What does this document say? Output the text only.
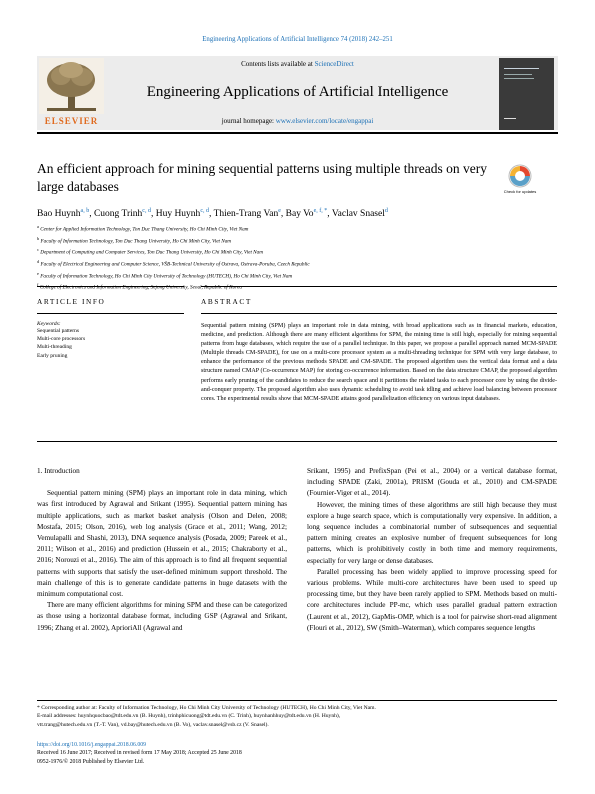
Engineering Applications of Artificial Intelligence 74 (2018) 242–251
ELSEVIER
Contents lists available at ScienceDirect
Engineering Applications of Artificial Intelligence
journal homepage: www.elsevier.com/locate/engappai
An efficient approach for mining sequential patterns using multiple threads on very large databases	Check for updates
Bao Huynh$^{a, b}$, Cuong Trinh$^{c, d}$, Huy Huynh$^{c, d}$, Thien-Trang Van$^e$, Bay $Vo^{e, f, *}$, Vaclav Snasel$^d$
$^a$ Center for Applied Information Technology, Ton Duc Thang University, Ho Chi Minh City, Viet Nam
$^b$ Faculty of Information Technology, Ton Duc Thang University, Ho Chi Minh City, Viet Nam
$^c$ Department of Computing and Computer Services, Ton Duc Thang University, Ho Chi Minh City, Viet Nam
$^d$ Faculty of Electrical Engineering and Computer Science, VŠB-Technical University of Ostrava, Ostrava-Poruba, Czech Republic
$^e$ Faculty of Information Technology, Ho Chi Minh City University of Technology (HUTECH), Ho Chi Minh City, Viet Nam
$^f$ College of Electronics and Information Engineering, Sejong University, Seoul, Republic of Korea
ARTICLE INFO	ABSTRACT
Keywords:
Sequential patterns
Multi-core processors
Multi-threading
Early pruning
Sequential pattern mining (SPM) plays an important role in data mining, with broad applications such as in financial markets, education, medicine, and prediction. Although there are many efficient algorithms for SPM, the mining time is still high, especially for mining sequential patterns from huge databases, which require the use of a parallel technique. In this paper, we propose a parallel approach named MCM-SPADE (Multiple threads CM-SPADE), for use on a multi-core processor system as a multi-threading technique for SPM with very large database, to enhance the performance of the previous methods SPADE and CM-SPADE. The proposed algorithm uses the vertical data format and a data structure named CMAP (Co-occurrence MAP) for storing co-occurrence information. Based on the data structure CMAP, the proposed algorithm performs early pruning of the candidates to reduce the search space and it partitions the related tasks to each processor core by using the divide-and-conquer property. The proposed algorithm also uses dynamic scheduling to avoid task idling and achieve load balancing between processor cores. The experimental results show that MCM-SPADE attains good parallelization efficiency on various input databases.

1. Introduction

Sequential pattern mining (SPM) plays an important role in data mining, which was first introduced by Agrawal and Srikant (1995). Sequential pattern mining has multiple applications, such as market basket analysis (Olson and Delen, 2008; Mostafa, 2015; Olson, 2016), web log analysis (Grace et al., 2011; Wang, 2012; Vemulapalli and Shashi, 2013), DNA sequence analysis (Posada, 2009; Pareek et al., 2011; Wilson et al., 2016) and prediction (Hussein et al., 2015; Chakraborty et al., 2016; Norouzi et al., 2016). The aim of this approach is to find all frequent sequential patterns with supports that satisfy the user-defined minimum support threshold. The main challenge of this is to generate candidate patterns in huge datasets with the minimum computational cost.

There are many efficient algorithms for mining SPM and these can be categorized as those using a horizontal database format, including GSP (Agrawal and Srikant, 1996; Zhang et al. 2002), AprioriAll (Agrawal and

Srikant, 1995) and PrefixSpan (Pei et al., 2004) or a vertical database format, including SPADE (Zaki, 2001a), PRISM (Gouda et al., 2010) and CM-SPADE (Fournier-Viger et al., 2014).

However, the mining times of these algorithms are still high because they must explore a huge search space, which is computationally very expensive. In addition, a long sequence includes a combinatorial number of subsequences and sequential pattern mining creates an explosive number of frequent subsequences for long patterns, which is prohibitively costly in both time and memory requirements, especially for very large or dense databases.

Parallel processing has been widely applied to improve processing speed for various problems. While multi-core architectures have been used to speed up processing time, but they have been rarely applied to SPM. Methods based on multi-core architectures include PP-mc, which uses parallel gradual pattern extraction (Laurent et al., 2012), GapMis-OMP, which is a tool for pairwise short-read alignment (Flouri et al., 2012), SW (Smith–Waterman), which compares sequence lengths

* Corresponding author at: Faculty of Information Technology, Ho Chi Minh City University of Technology (HUTECH), Ho Chi Minh City, Viet Nam.
E-mail addresses: huynhquocbao@tdt.edu.vn (B. Huynh), trinhphicuong@tdt.edu.vn (C. Trinh), huynhanhhuy@tdt.edu.vn (H. Huynh),
vtt.trang@hutech.edu.vn (T.-T. Van), vd.bay@hutech.edu.vn (B. Vo), vaclav.snasel@vsb.cz (V. Snasel).
https://doi.org/10.1016/j.engappai.2018.06.009
Received 16 June 2017; Received in revised form 17 May 2018; Accepted 25 June 2018
0952-1976/© 2018 Published by Elsevier Ltd.
